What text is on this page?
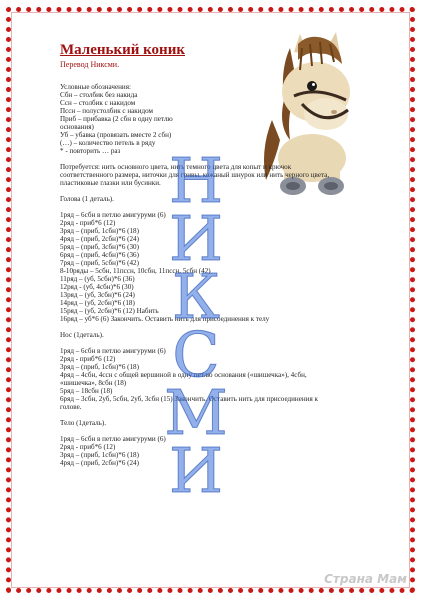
Маленький коник
Перевод Никсми.
Условные обозначения:
Сбн – столбик без накида
Ссн – столбик с накидом
Пссн – полустолбик с накидом
Приб – прибавка (2 сбн в одну петлю
основания)
Уб – убавка (провязать вместе 2 сбн)
(…) – количество петель в ряду
* - повторить … раз
Потребуется: нить основного цвета, нить темного цвета для копыт и крючок
соответственного размера, ниточки для гривы, кожаный шнурок или нить черного цвета,
пластиковые глазки или бусинки.
Голова (1 деталь).
1ряд – 6сбн в петлю амигуруми (6)
2ряд - приб*6 (12)
3ряд – (приб, 1сбн)*6 (18)
4ряд – (приб, 2сбн)*6 (24)
5ряд – (приб, 3сбн)*6 (30)
6ряд – (приб, 4сбн)*6 (36)
7ряд – (приб, 5сбн)*6 (42)
8-10ряды – 5сбн, 11пссн, 10сбн, 11пссн, 5сбн (42)
11ряд – (уб, 5сбн)*6 (36)
12ряд - (уб, 4сбн)*6 (30)
13ряд – (уб, 3сбн)*6 (24)
14ряд – (уб, 2сбн)*6 (18)
15ряд – (уб, 2сбн)*6 (12) Набить
16ряд – уб*6 (6) Закончить. Оставить нить для присоединения к телу
Нос (1деталь).
1ряд – 6сбн в петлю амигуруми (6)
2ряд - приб*6 (12)
3ряд – (приб, 1сбн)*6 (18)
4ряд – 4сбн, 4ссн с общей вершиной в одну петлю основания («шишечка»), 4сбн,
«шишечка», 8сбн (18)
5ряд – 18сбн (18)
6ряд – 3сбн, 2уб, 5сбн, 2уб, 3сбн (15) Закончить. Оставить нить для присоединения к
голове.
Тело (1деталь).
1ряд – 6сбн в петлю амигуруми (6)
2ряд - приб*6 (12)
3ряд – (приб, 1сбн)*6 (18)
4ряд – (приб, 2сбн)*6 (24)
Н
И
К
С
М
И
Страна Мам
